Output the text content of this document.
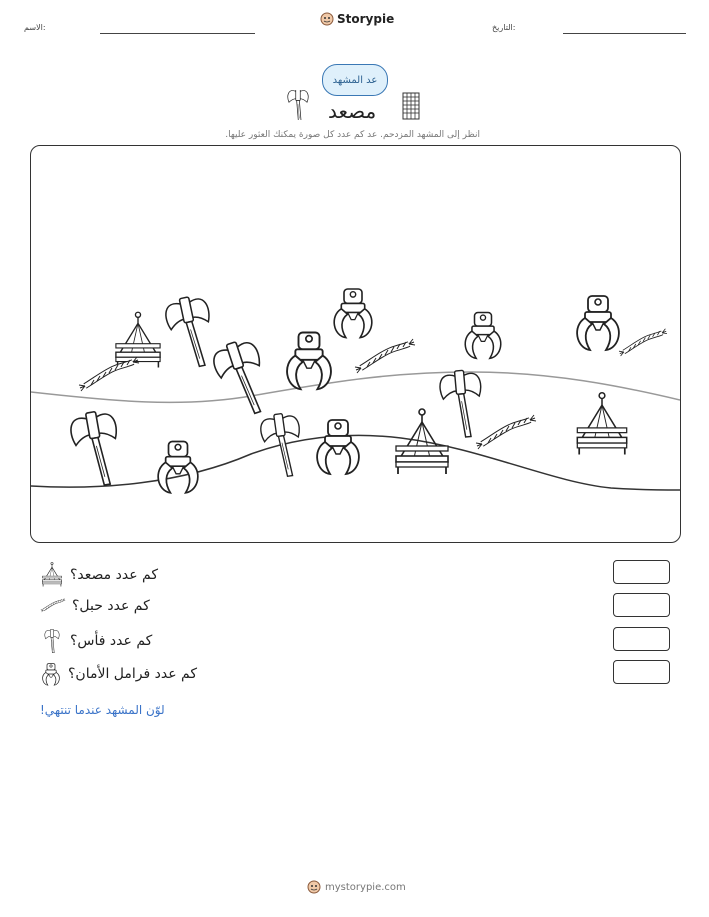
الاسم:
Storypie
التاريخ:
عد المشهد
مصعد
انظر إلى المشهد المزدحم. عد كم عدد كل صورة يمكنك العثور عليها.
كم عدد مصعد؟
كم عدد حبل؟
كم عدد فأس؟
كم عدد فرامل الأمان؟
لوّن المشهد عندما تنتهي!
mystorypie.com
